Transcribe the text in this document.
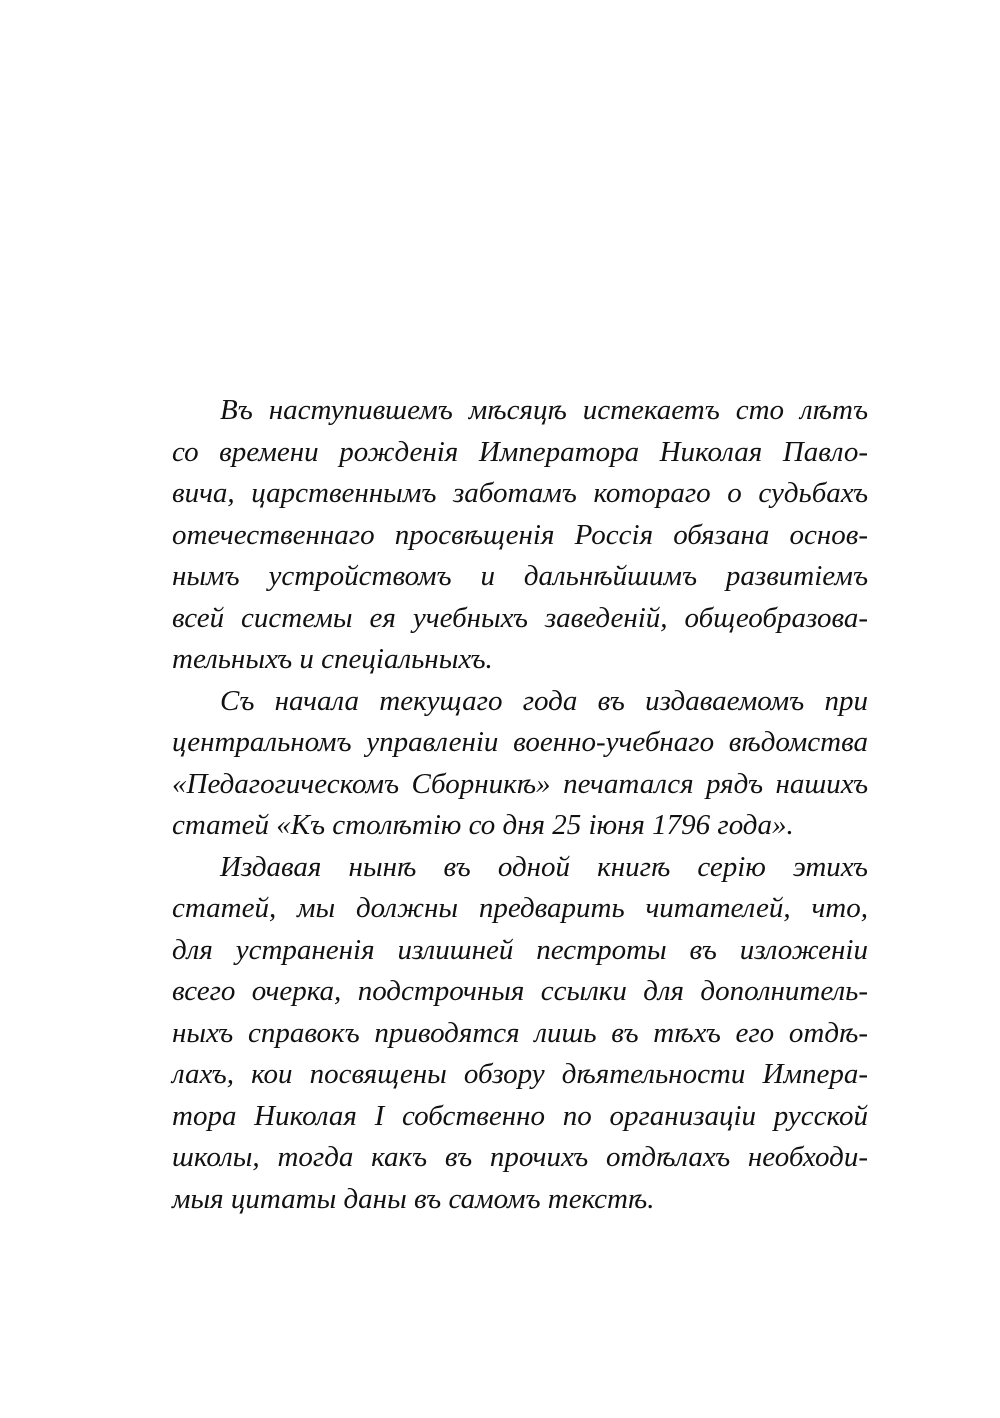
Въ наступившемъ мѣсяцѣ истекаетъ сто лѣтъ
со времени рожденія Императора Николая Павло-
вича, царственнымъ заботамъ котораго о судьбахъ
отечественнаго просвѣщенія Россія обязана основ-
нымъ устройствомъ и дальнѣйшимъ развитіемъ
всей системы ея учебныхъ заведеній, общеобразова-
тельныхъ и спеціальныхъ.
Съ начала текущаго года въ издаваемомъ при
центральномъ управленіи военно-учебнаго вѣдомства
«Педагогическомъ Сборникѣ» печатался рядъ нашихъ
статей «Къ столѣтію со дня 25 іюня 1796 года».
Издавая нынѣ въ одной книгѣ серію этихъ
статей, мы должны предварить читателей, что,
для устраненія излишней пестроты въ изложеніи
всего очерка, подстрочныя ссылки для дополнитель-
ныхъ справокъ приводятся лишь въ тѣхъ его отдѣ-
лахъ, кои посвящены обзору дѣятельности Импера-
тора Николая I собственно по организаціи русской
школы, тогда какъ въ прочихъ отдѣлахъ необходи-
мыя цитаты даны въ самомъ текстѣ.
